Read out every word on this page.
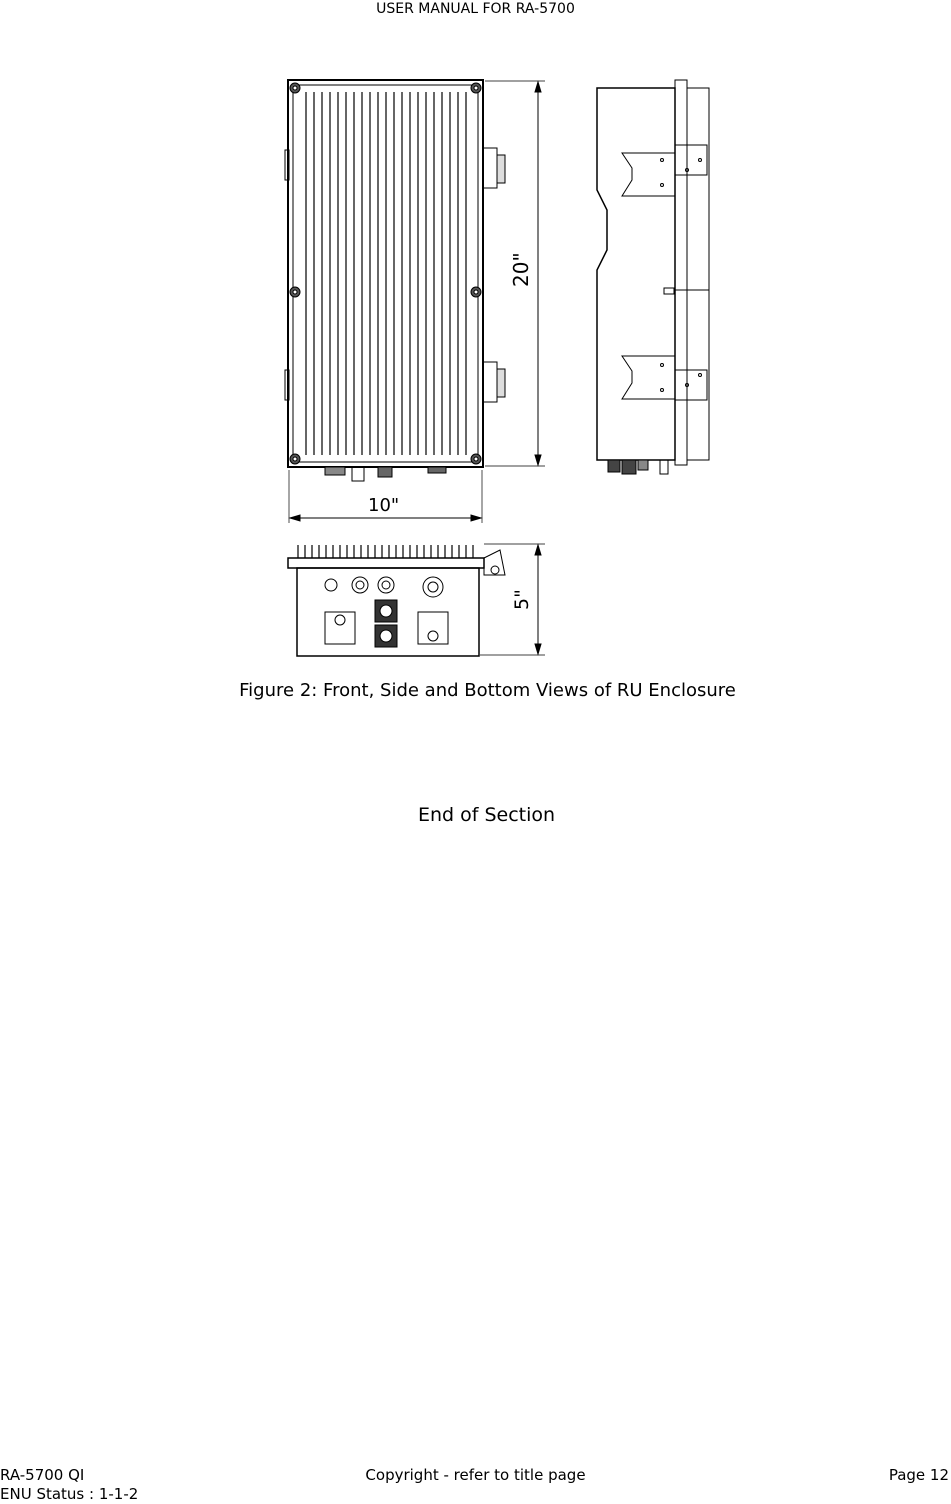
USER MANUAL FOR RA-5700
20"
10"
5"
Figure 2: Front, Side and Bottom Views of RU Enclosure
End of Section
RA-5700 QI
ENU Status : 1-1-2
Copyright - refer to title page	Page 12
